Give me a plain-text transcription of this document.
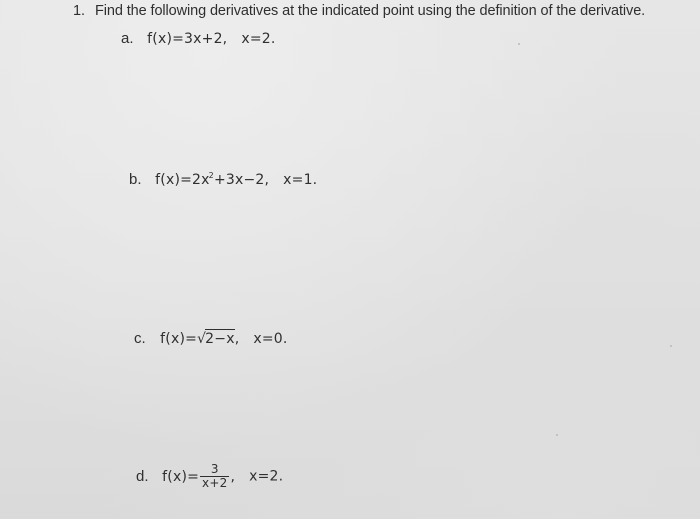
1. Find the following derivatives at the indicated point using the definition of the derivative.
a. f(x)=3x+2, x=2.
b. $f(x)=2x^2+3x-2$, x=1.
c. f(x)=√2−x, x=0.
d. $f(x)= \frac{3}{x+2}$ , x=2.
